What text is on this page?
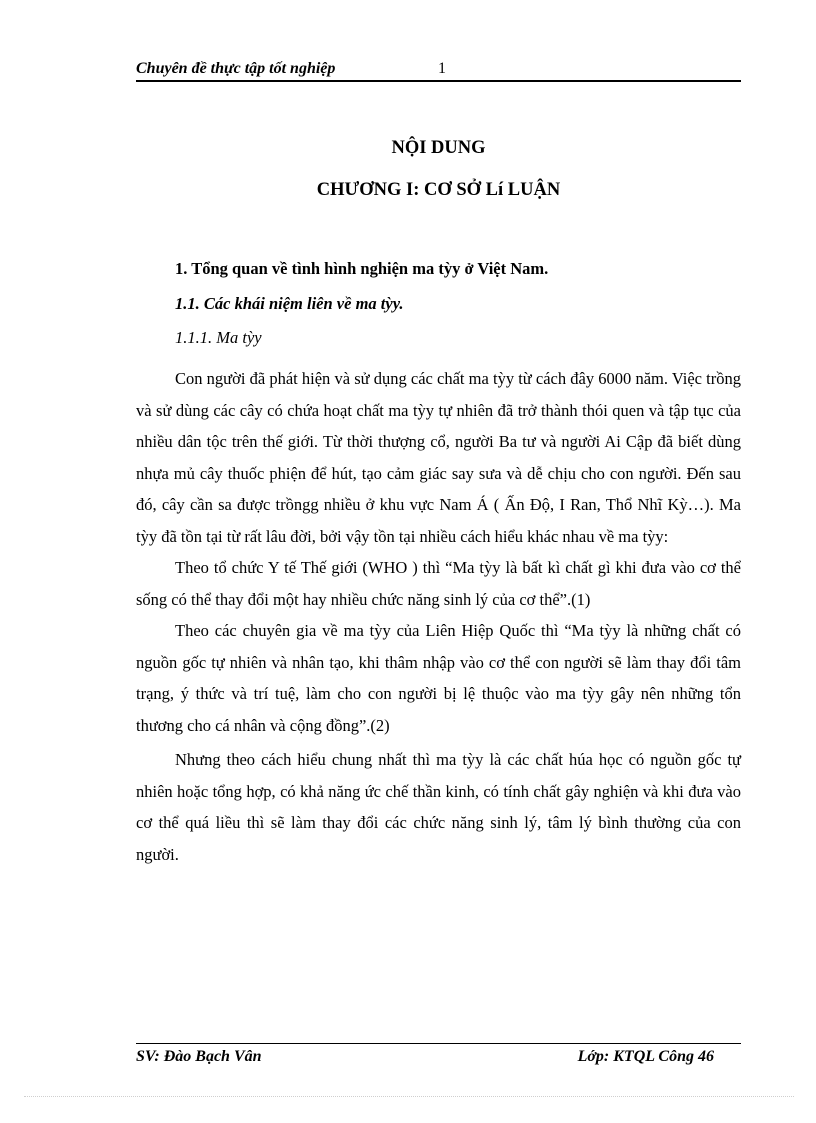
Chuyên đề thực tập tốt nghiệp	1
NỘI DUNG
CHƯƠNG I: CƠ SỞ Lí LUẬN
1. Tổng quan về tình hình nghiện ma tỳy ở Việt Nam.
1.1. Các khái niệm liên về ma tỳy.
1.1.1. Ma tỳy

Con người đã phát hiện và sử dụng các chất ma tỳy từ cách đây 6000 năm. Việc trồng và sử dùng các cây có chứa hoạt chất ma tỳy tự nhiên đã trở thành thói quen và tập tục của nhiều dân tộc trên thế giới. Từ thời thượng cổ, người Ba tư và người Ai Cập đã biết dùng nhựa mủ cây thuốc phiện để hút, tạo cảm giác say sưa và dễ chịu cho con người. Đến sau đó, cây cần sa được trồngg nhiều ở khu vực Nam Á ( Ấn Độ, I Ran, Thổ Nhĩ Kỳ…). Ma tỳy đã tồn tại từ rất lâu đời, bởi vậy tồn tại nhiều cách hiểu khác nhau về ma tỳy:

Theo tổ chức Y tế Thế giới (WHO ) thì “Ma tỳy là bất kì chất gì khi đưa vào cơ thể sống có thể thay đổi một hay nhiều chức năng sinh lý của cơ thể”.(1)

Theo các chuyên gia về ma tỳy của Liên Hiệp Quốc thì “Ma tỳy là những chất có nguồn gốc tự nhiên và nhân tạo, khi thâm nhập vào cơ thể con người sẽ làm thay đổi tâm trạng, ý thức và trí tuệ, làm cho con người bị lệ thuộc vào ma tỳy gây nên những tổn thương cho cá nhân và cộng đồng”.(2)

Nhưng theo cách hiểu chung nhất thì ma tỳy là các chất húa học có nguồn gốc tự nhiên hoặc tổng hợp, có khả năng ức chế thần kinh, có tính chất gây nghiện và khi đưa vào cơ thể quá liều thì sẽ làm thay đổi các chức năng sinh lý, tâm lý bình thường của con người.

SV: Đào Bạch Vân	Lớp: KTQL Công 46
